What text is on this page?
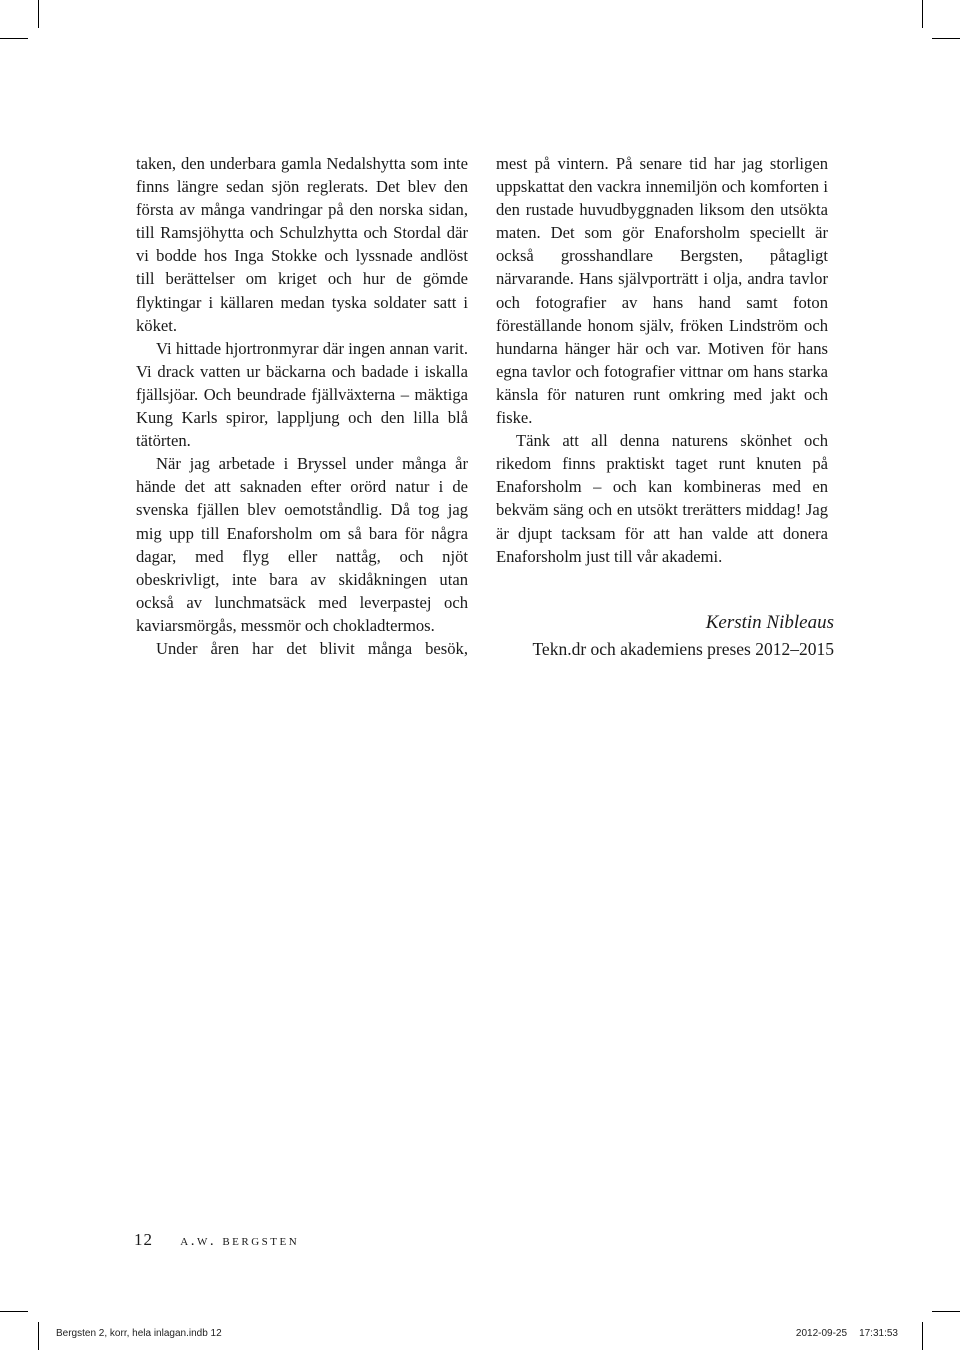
taken, den underbara gamla Nedalshytta som inte finns längre sedan sjön reglerats. Det blev den första av många vandringar på den norska sidan, till Ramsjöhytta och Schulzhytta och Stordal där vi bodde hos Inga Stokke och lyssnade andlöst till berättelser om kriget och hur de gömde flyktingar i källaren medan tyska soldater satt i köket.

Vi hittade hjortronmyrar där ingen annan varit. Vi drack vatten ur bäckarna och badade i iskalla fjällsjöar. Och beundrade fjällväxterna – mäktiga Kung Karls spiror, lappljung och den lilla blå tätörten.

När jag arbetade i Bryssel under många år hände det att saknaden efter orörd natur i de svenska fjällen blev oemotståndlig. Då tog jag mig upp till Enaforsholm om så bara för några dagar, med flyg eller nattåg, och njöt obeskrivligt, inte bara av skidåkningen utan också av lunchmatsäck med leverpastej och kaviarsmörgås, messmör och chokladtermos.

Under åren har det blivit många besök,

mest på vintern. På senare tid har jag storligen uppskattat den vackra innemiljön och komforten i den rustade huvudbyggnaden liksom den utsökta maten. Det som gör Enaforsholm speciellt är också grosshandlare Bergsten, påtagligt närvarande. Hans självporträtt i olja, andra tavlor och fotografier av hans hand samt foton föreställande honom själv, fröken Lindström och hundarna hänger här och var. Motiven för hans egna tavlor och fotografier vittnar om hans starka känsla för naturen runt omkring med jakt och fiske.

Tänk att all denna naturens skönhet och rikedom finns praktiskt taget runt knuten på Enaforsholm – och kan kombineras med en bekväm säng och en utsökt trerätters middag! Jag är djupt tacksam för att han valde att donera Enaforsholm just till vår akademi.

Kerstin Nibleaus
Tekn.dr och akademiens preses 2012–2015
12 a.w. bergsten
Bergsten 2, korr, hela inlagan.indb 12	2012-09-25 17:31:53
